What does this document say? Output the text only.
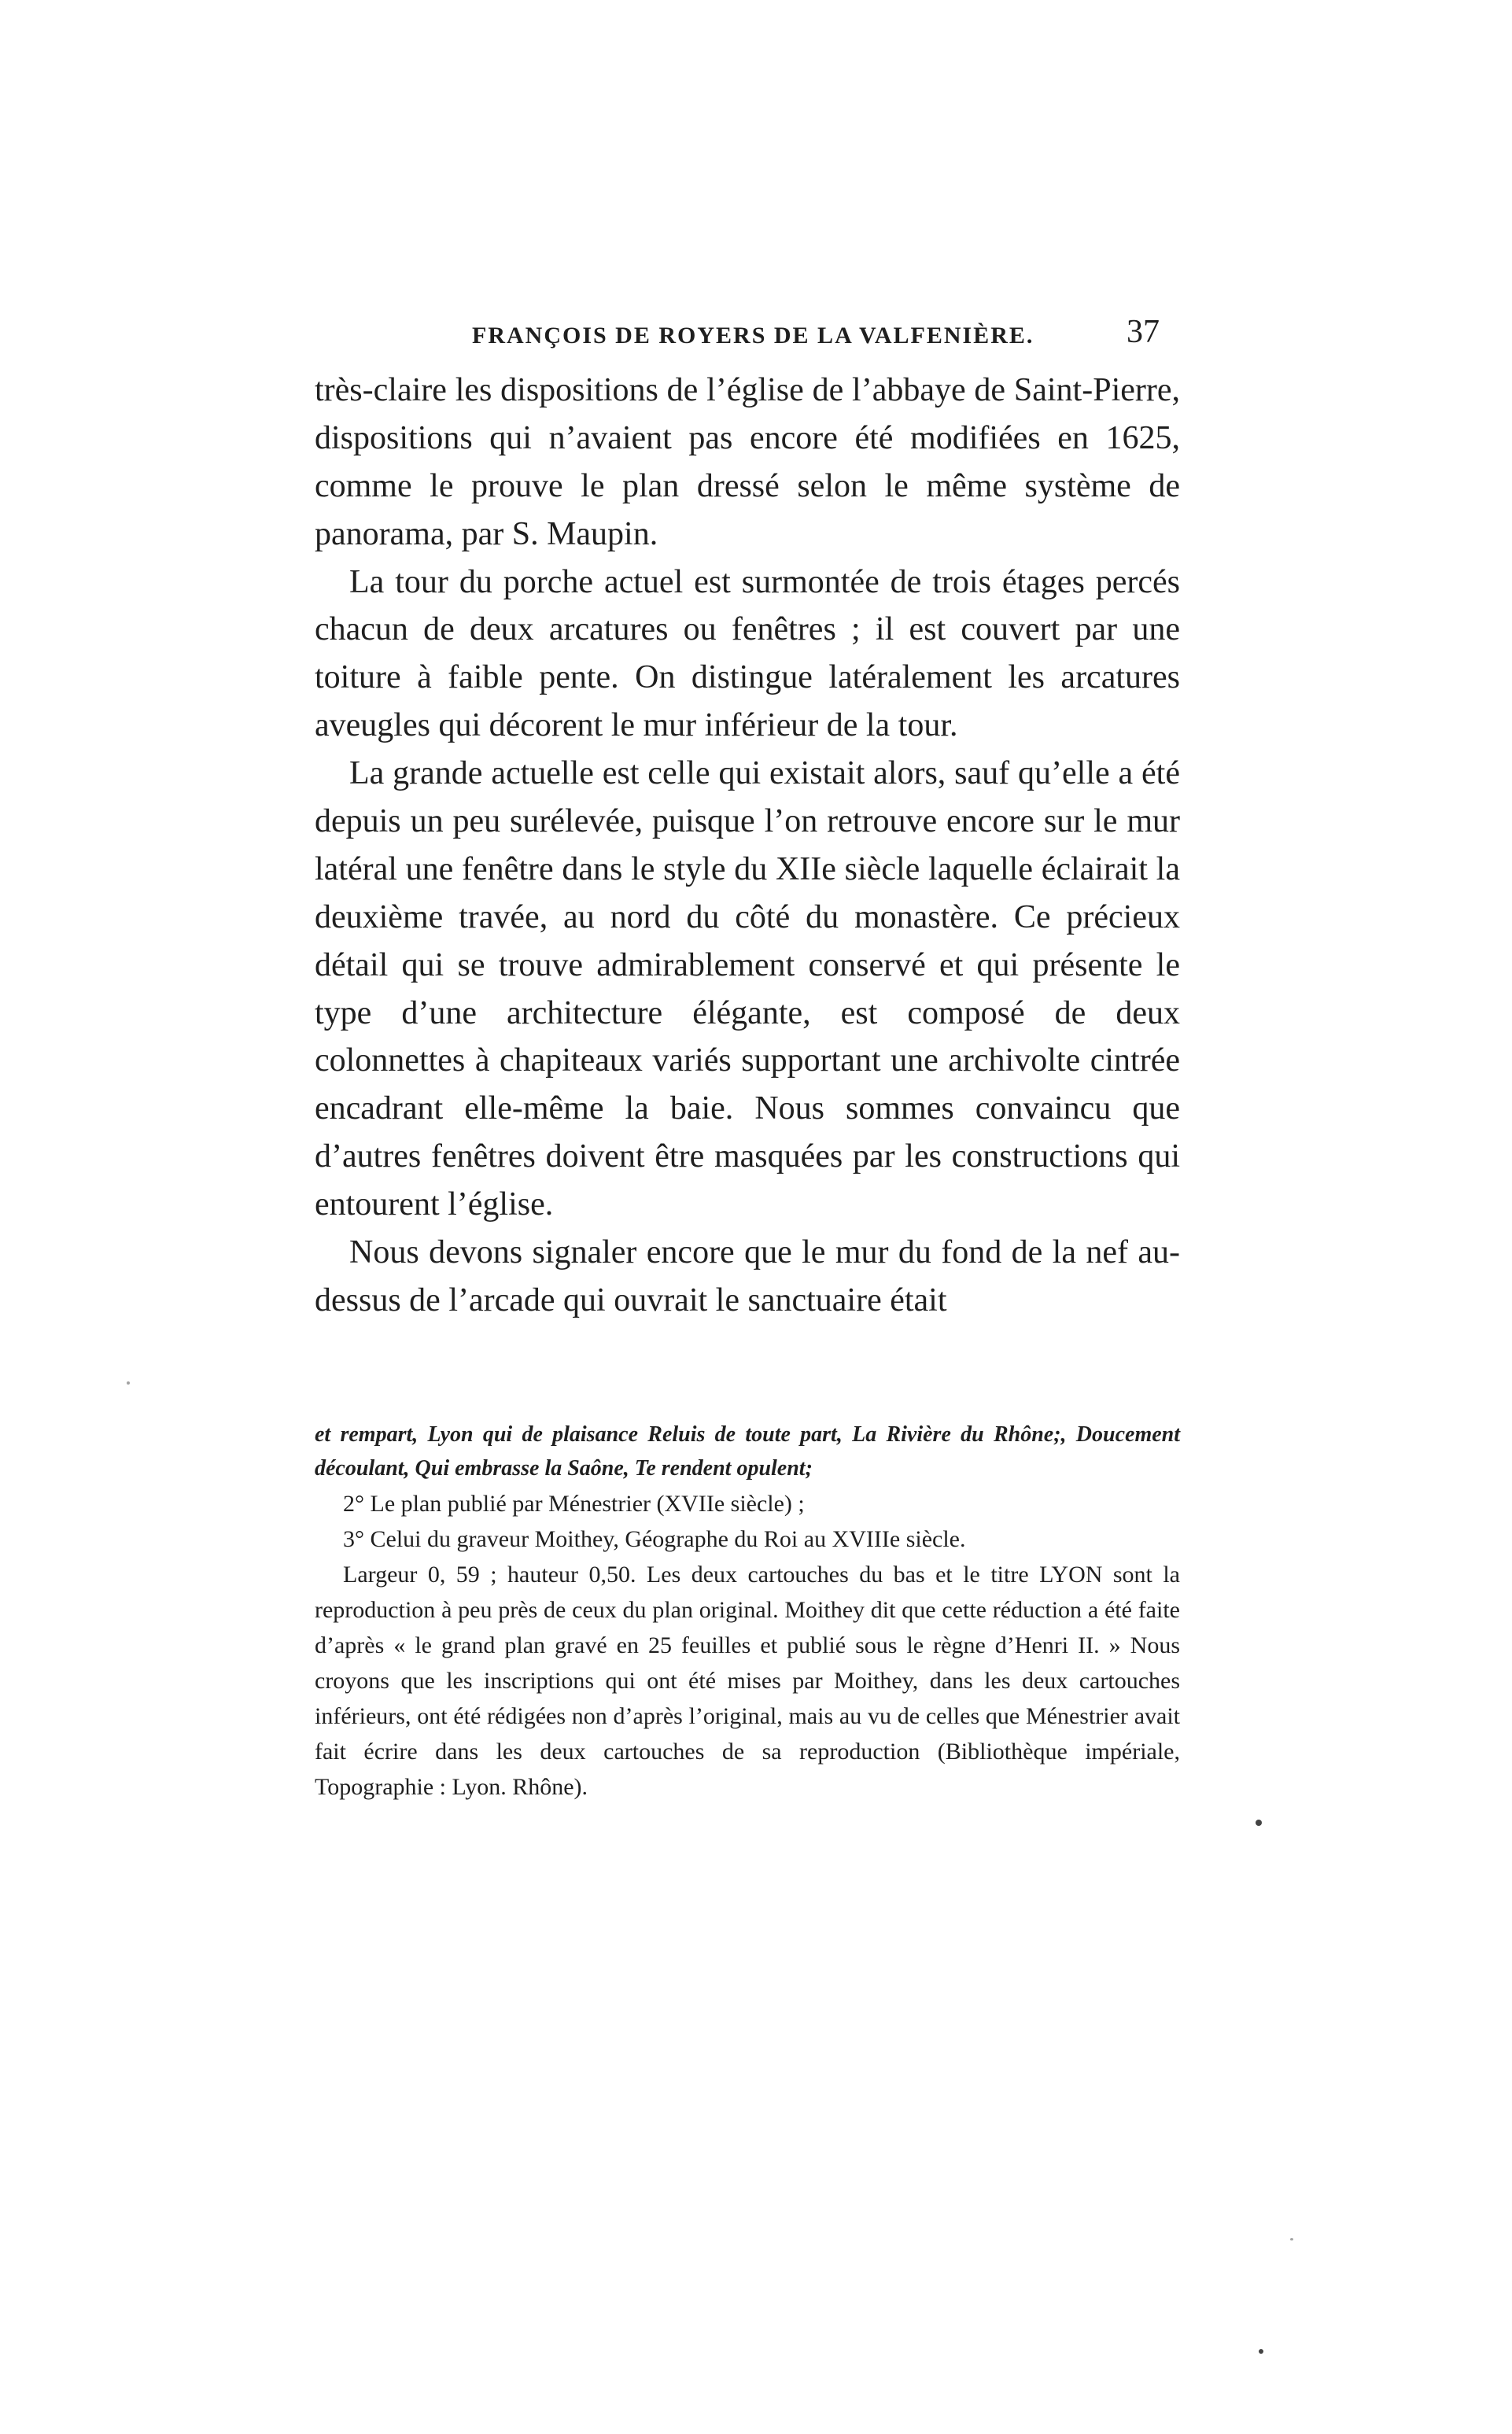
FRANÇOIS DE ROYERS DE LA VALFENIÈRE.	37

très-claire les dispositions de l’église de l’abbaye de Saint-Pierre, dispositions qui n’avaient pas encore été modifiées en 1625, comme le prouve le plan dressé selon le même système de panorama, par S. Maupin.

La tour du porche actuel est surmontée de trois étages percés chacun de deux arcatures ou fenêtres ; il est couvert par une toiture à faible pente. On distingue latéralement les arcatures aveugles qui décorent le mur inférieur de la tour.

La grande actuelle est celle qui existait alors, sauf qu’elle a été depuis un peu surélevée, puisque l’on retrouve encore sur le mur latéral une fenêtre dans le style du XIIe siècle laquelle éclairait la deuxième travée, au nord du côté du monastère. Ce précieux détail qui se trouve admirablement conservé et qui présente le type d’une architecture élégante, est composé de deux colonnettes à chapiteaux variés supportant une archivolte cintrée encadrant elle-même la baie. Nous sommes convaincu que d’autres fenêtres doivent être masquées par les constructions qui entourent l’église.

Nous devons signaler encore que le mur du fond de la nef au-dessus de l’arcade qui ouvrait le sanctuaire était

et rempart, Lyon qui de plaisance Reluis de toute part, La Rivière du Rhône;, Doucement découlant, Qui embrasse la Saône, Te rendent opulent;

2° Le plan publié par Ménestrier (XVIIe siècle) ;

3° Celui du graveur Moithey, Géographe du Roi au XVIIIe siècle.

Largeur 0, 59 ; hauteur 0,50. Les deux cartouches du bas et le titre LYON sont la reproduction à peu près de ceux du plan original. Moithey dit que cette réduction a été faite d’après « le grand plan gravé en 25 feuilles et publié sous le règne d’Henri II. » Nous croyons que les inscriptions qui ont été mises par Moithey, dans les deux cartouches inférieurs, ont été rédigées non d’après l’original, mais au vu de celles que Ménestrier avait fait écrire dans les deux cartouches de sa reproduction (Bibliothèque impériale, Topographie : Lyon. Rhône).
